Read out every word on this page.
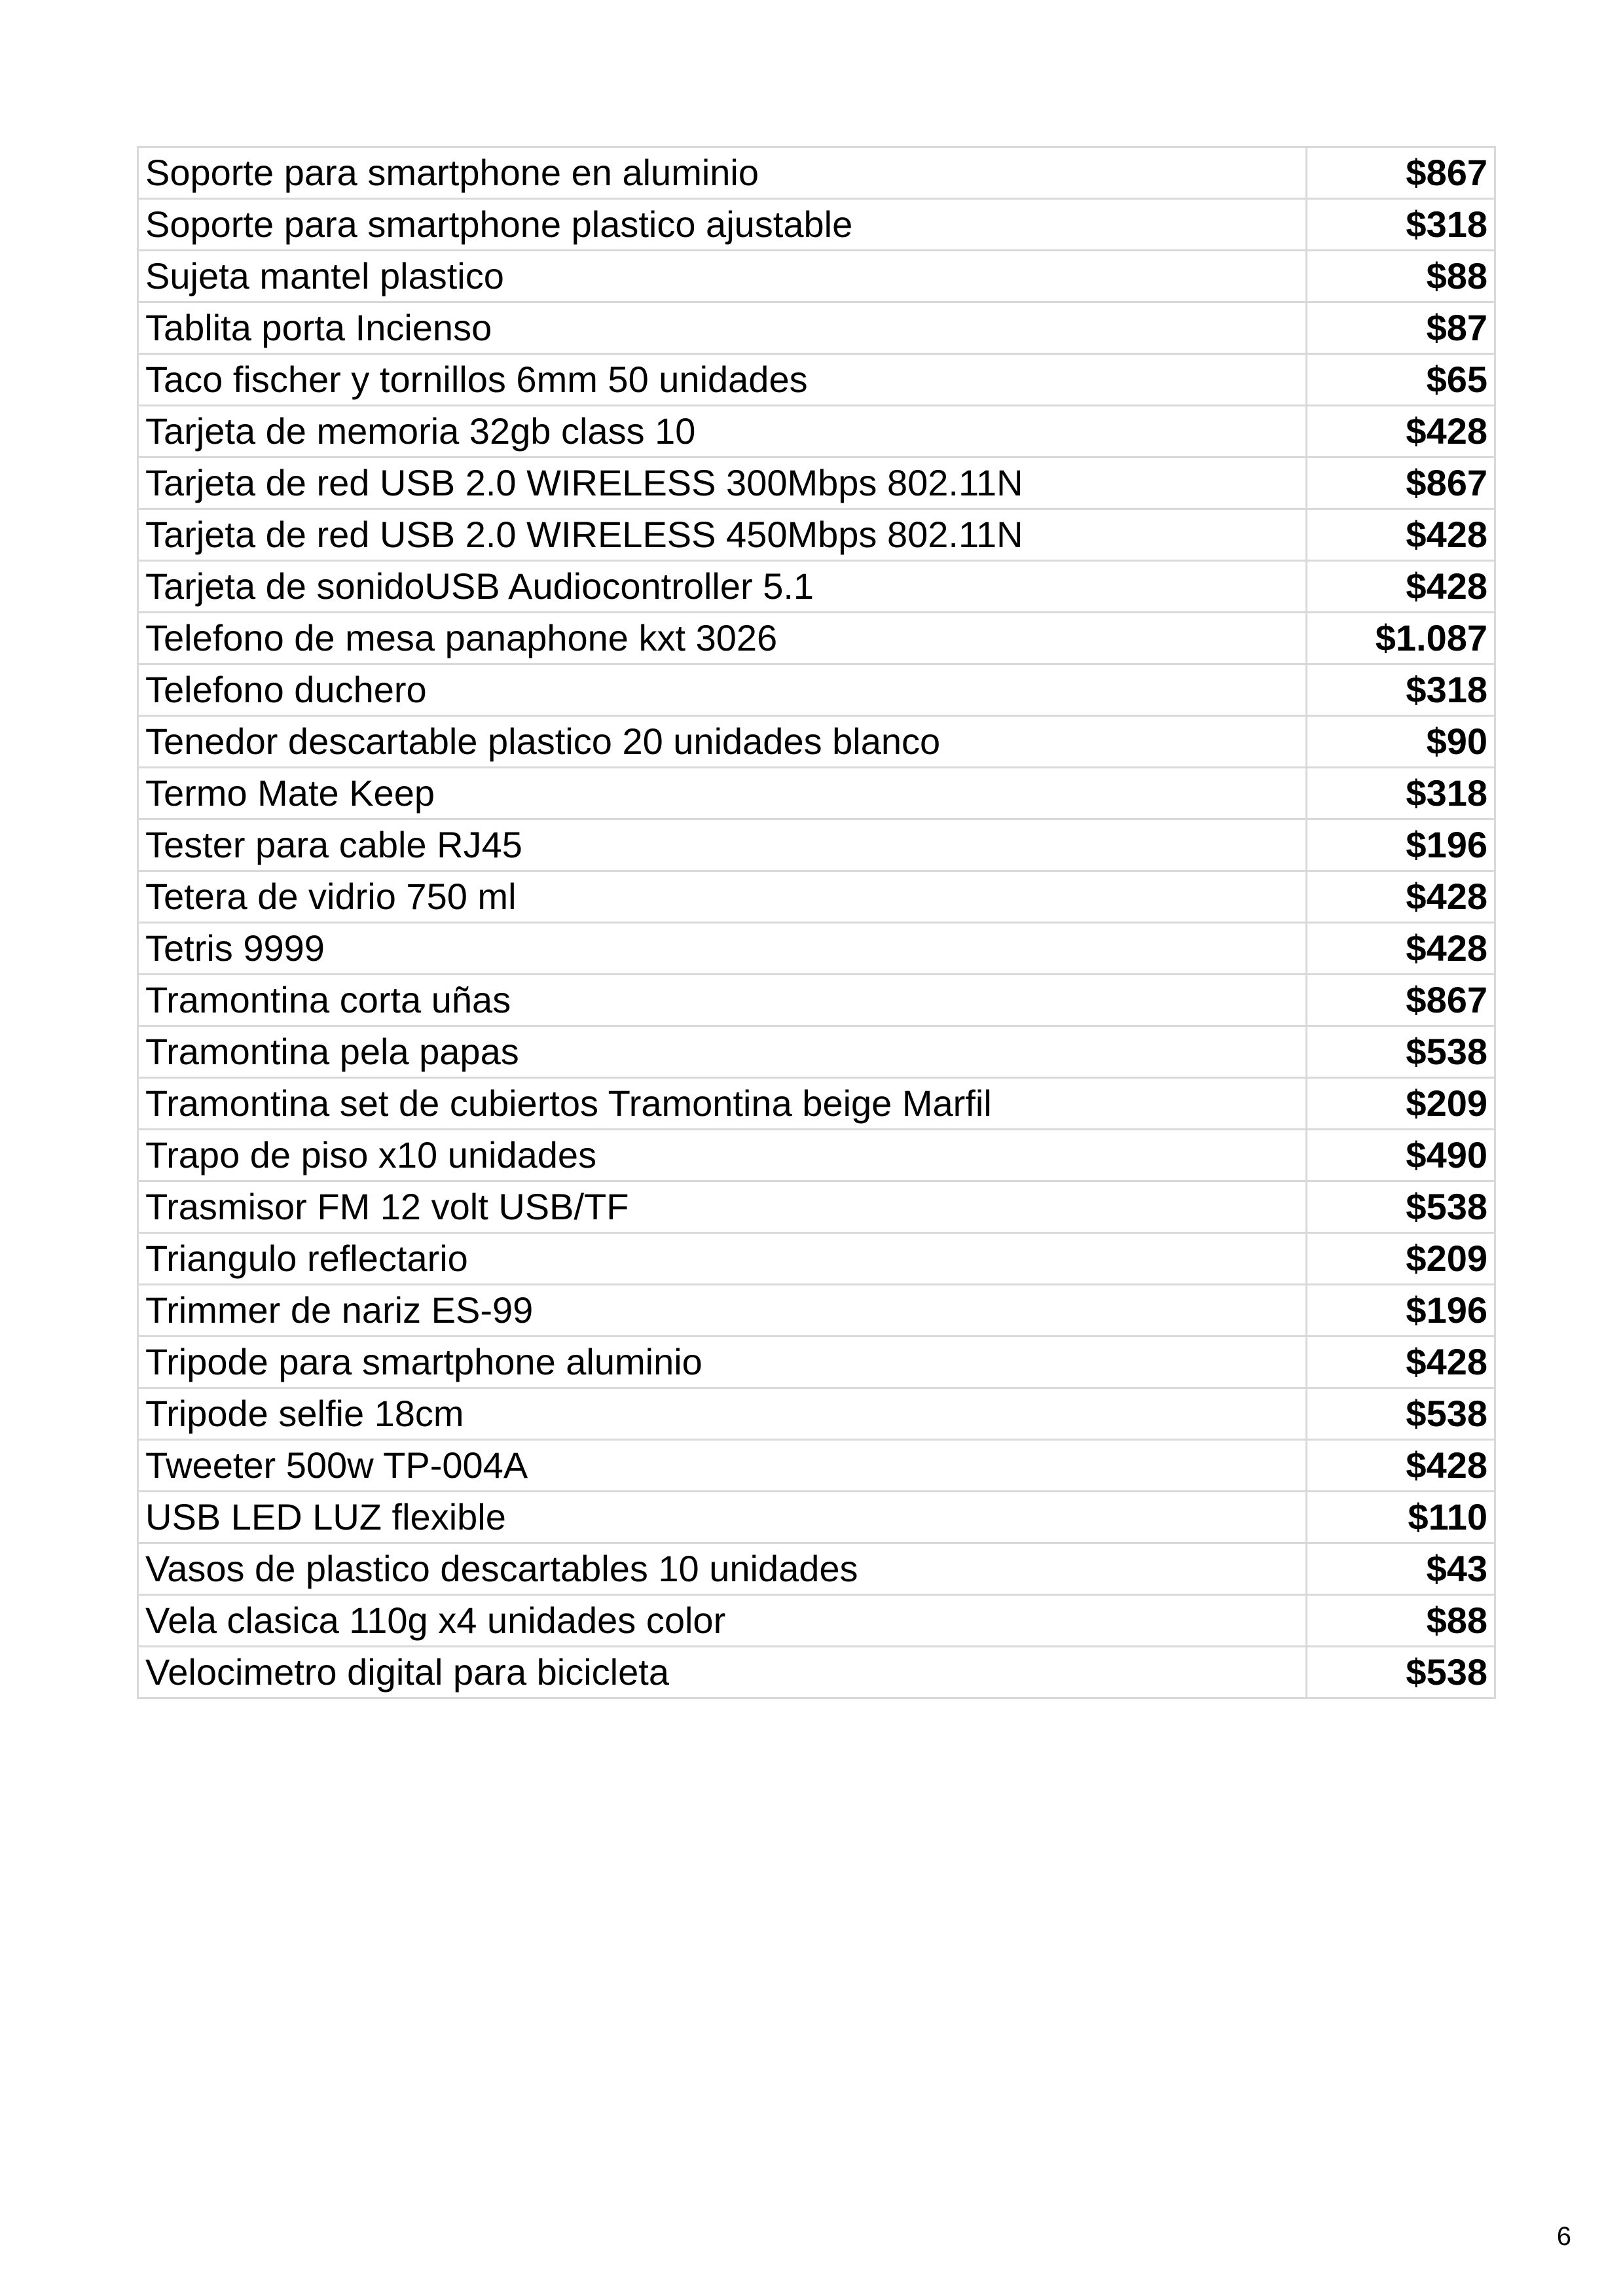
Soporte para smartphone en aluminio	$867
Soporte para smartphone plastico ajustable	$318
Sujeta mantel plastico	$88
Tablita porta Incienso	$87
Taco fischer y tornillos 6mm 50 unidades	$65
Tarjeta de memoria 32gb class 10	$428
Tarjeta de red USB 2.0 WIRELESS 300Mbps 802.11N	$867
Tarjeta de red USB 2.0 WIRELESS 450Mbps 802.11N	$428
Tarjeta de sonidoUSB Audiocontroller 5.1	$428
Telefono de mesa panaphone kxt 3026	$1.087
Telefono duchero	$318
Tenedor descartable plastico 20 unidades blanco	$90
Termo Mate Keep	$318
Tester para cable RJ45	$196
Tetera de vidrio 750 ml	$428
Tetris 9999	$428
Tramontina corta uñas	$867
Tramontina pela papas	$538
Tramontina set de cubiertos Tramontina beige Marfil	$209
Trapo de piso x10 unidades	$490
Trasmisor FM 12 volt USB/TF	$538
Triangulo reflectario	$209
Trimmer de nariz ES-99	$196
Tripode para smartphone aluminio	$428
Tripode selfie 18cm	$538
Tweeter 500w TP-004A	$428
USB LED LUZ flexible	$110
Vasos de plastico descartables 10 unidades	$43
Vela clasica 110g x4 unidades color	$88
Velocimetro digital para bicicleta	$538
6
